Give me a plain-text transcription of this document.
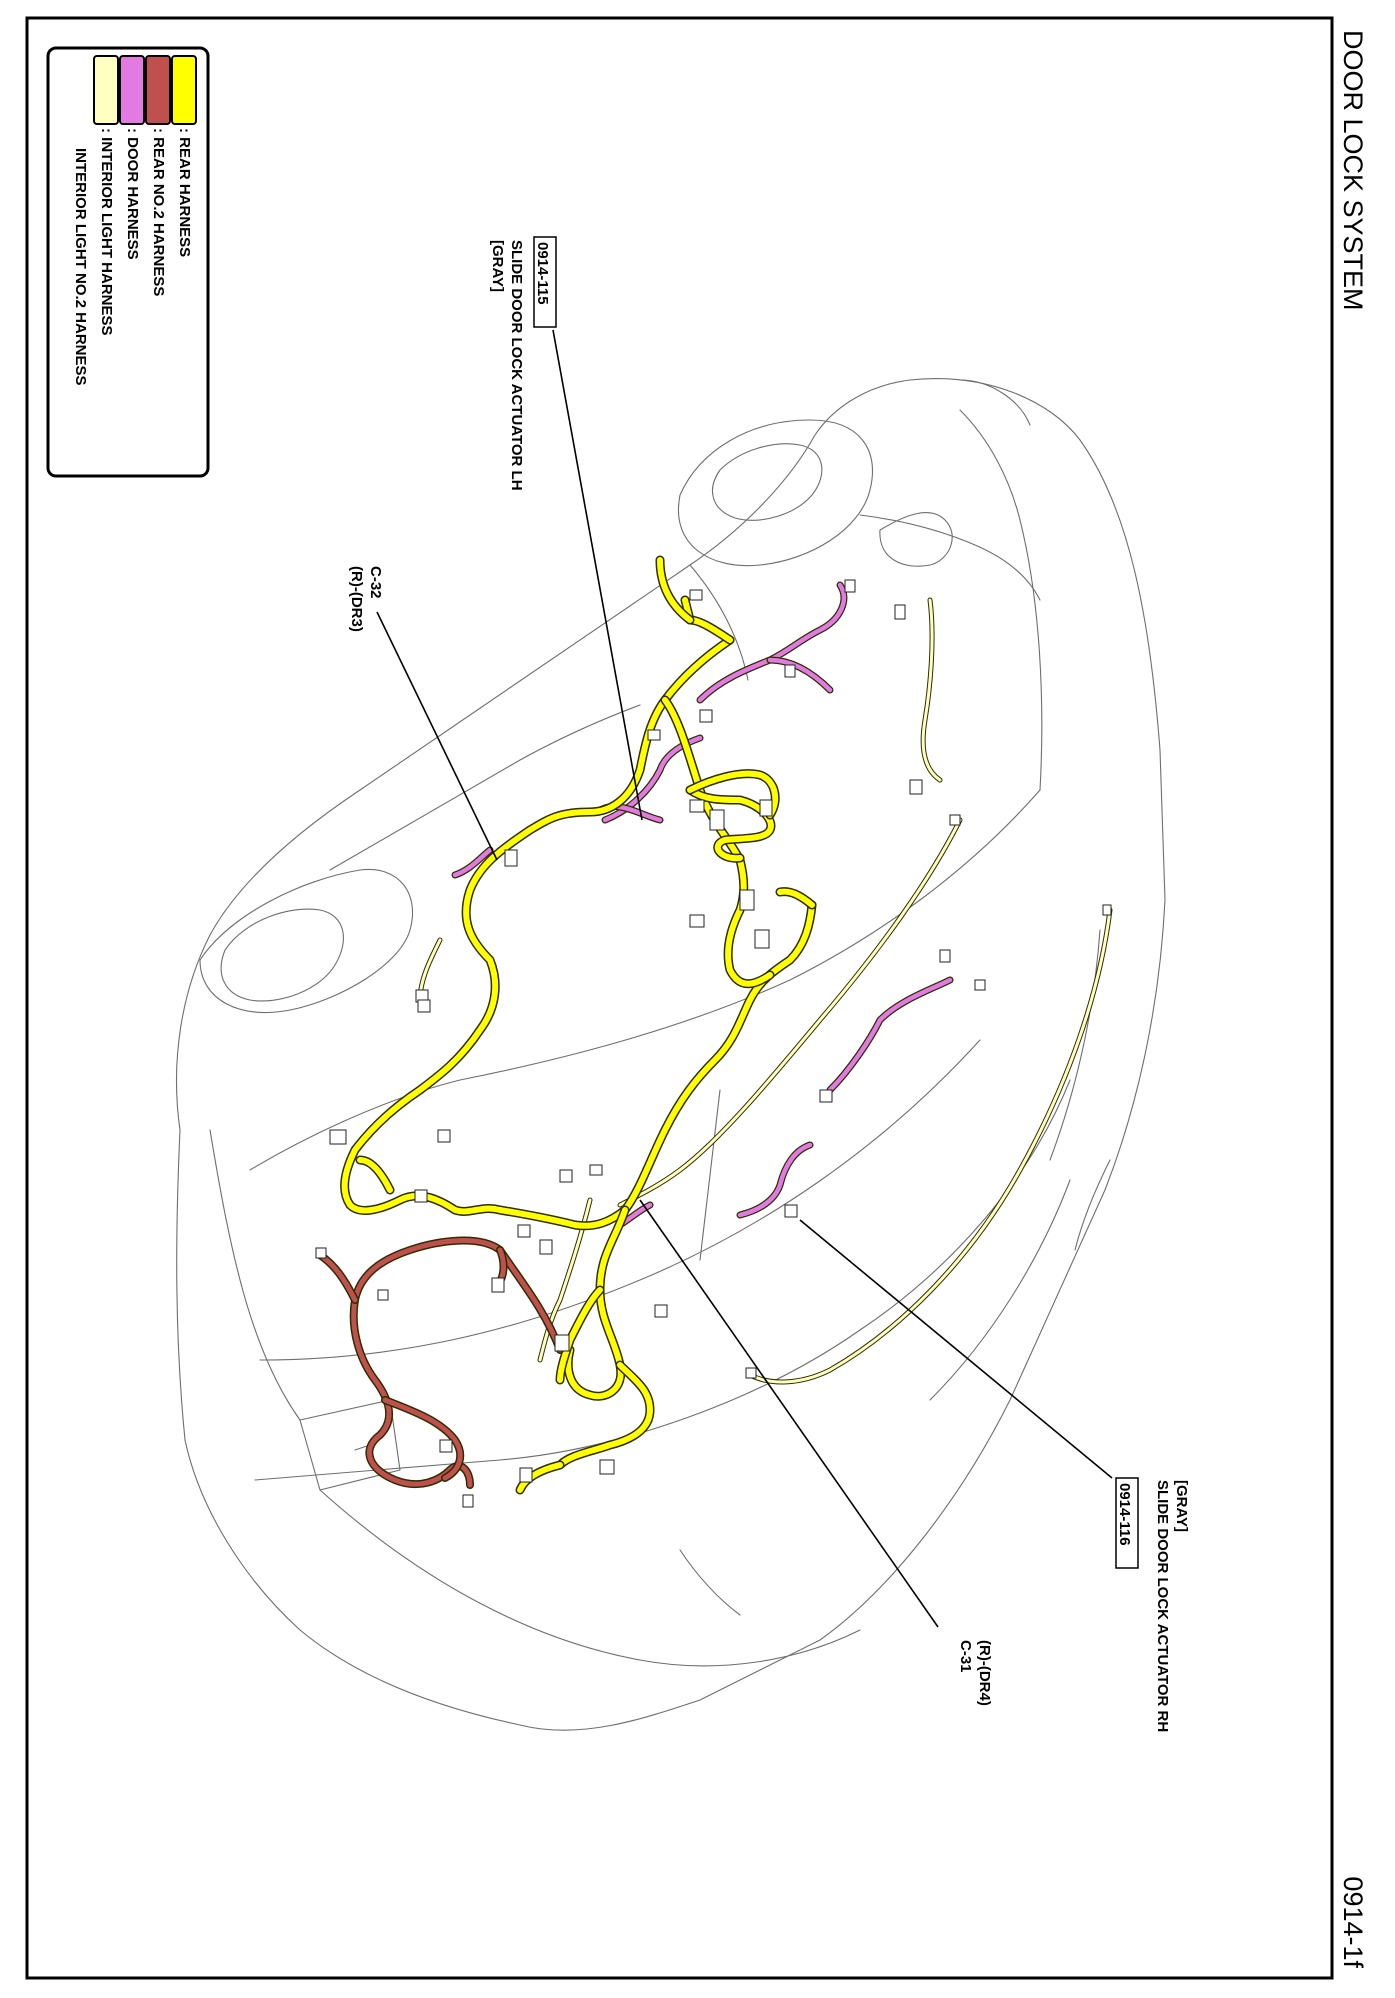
DOOR LOCK SYSTEM
0914-1f
: REAR HARNESS
: REAR NO.2 HARNESS
: DOOR HARNESS
: INTERIOR LIGHT HARNESS
INTERIOR LIGHT NO.2 HARNESS	0914-115
SLIDE DOOR LOCK ACTUATOR LH
[GRAY]
C-32
(R)-(DR3)
(R)-(DR4)
C-31
[GRAY]
SLIDE DOOR LOCK ACTUATOR RH
0914-116
